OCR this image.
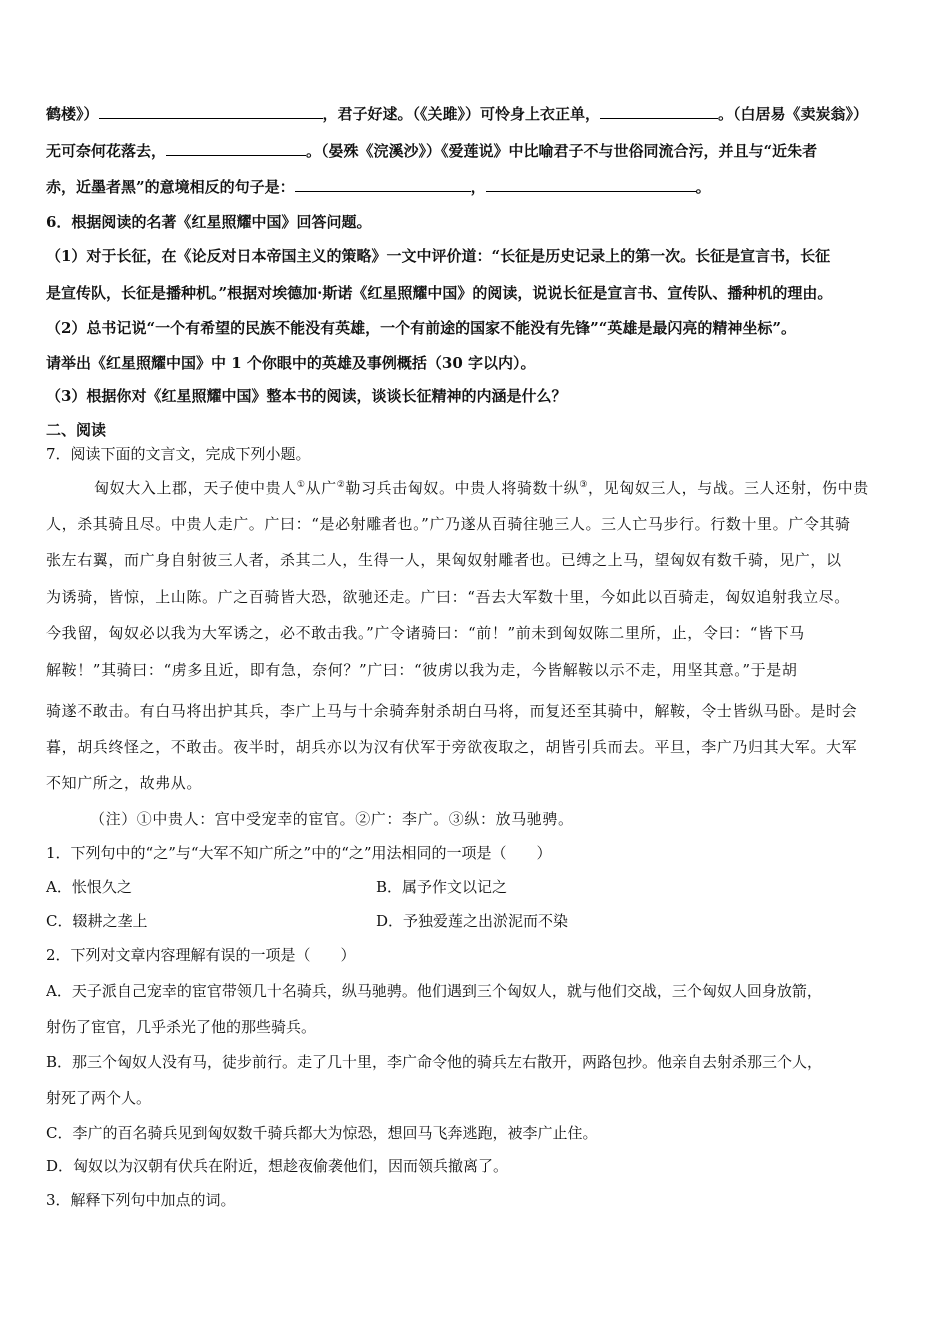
鹤楼》）	，君子好逑。（《关雎》）可怜身上衣正单，	。（白居易《卖炭翁》）
无可奈何花落去，	。（晏殊《浣溪沙》）《爱莲说》中比喻君子不与世俗同流合污，并且与“近朱者
赤，近墨者黑”的意境相反的句子是：	，	。
6．根据阅读的名著《红星照耀中国》回答问题。
（1）对于长征，在《论反对日本帝国主义的策略》一文中评价道：“长征是历史记录上的第一次。长征是宣言书，长征
是宣传队，长征是播种机。”根据对埃德加·斯诺《红星照耀中国》的阅读，说说长征是宣言书、宣传队、播种机的理由。
（2）总书记说“一个有希望的民族不能没有英雄，一个有前途的国家不能没有先锋”“英雄是最闪亮的精神坐标”。
请举出《红星照耀中国》中 1 个你眼中的英雄及事例概括（30 字以内）。
（3）根据你对《红星照耀中国》整本书的阅读，谈谈长征精神的内涵是什么？
二、阅读
7．阅读下面的文言文，完成下列小题。
匈奴大入上郡，天子使中贵人①从广②勒习兵击匈奴。中贵人将骑数十纵③，见匈奴三人，与战。三人还射，伤中贵
人，杀其骑且尽。中贵人走广。广曰：“是必射雕者也。”广乃遂从百骑往驰三人。三人亡马步行。行数十里。广令其骑
张左右翼，而广身自射彼三人者，杀其二人，生得一人，果匈奴射雕者也。已缚之上马，望匈奴有数千骑，见广，以
为诱骑，皆惊，上山陈。广之百骑皆大恐，欲驰还走。广曰：“吾去大军数十里，今如此以百骑走，匈奴追射我立尽。
今我留，匈奴必以我为大军诱之，必不敢击我。”广令诸骑曰：“前！”前未到匈奴陈二里所，止，令曰：“皆下马
解鞍！”其骑曰：“虏多且近，即有急，奈何？”广曰：“彼虏以我为走，今皆解鞍以示不走，用坚其意。”于是胡
骑遂不敢击。有白马将出护其兵，李广上马与十余骑奔射杀胡白马将，而复还至其骑中，解鞍，令士皆纵马卧。是时会
暮，胡兵终怪之，不敢击。夜半时，胡兵亦以为汉有伏军于旁欲夜取之，胡皆引兵而去。平旦，李广乃归其大军。大军
不知广所之，故弗从。
（注）①中贵人：宫中受宠幸的宦官。②广：李广。③纵：放马驰骋。
1．下列句中的“之”与“大军不知广所之”中的“之”用法相同的一项是（　　）
A．怅恨久之	B．属予作文以记之
C．辍耕之垄上	D．予独爱莲之出淤泥而不染
2．下列对文章内容理解有误的一项是（　　）
A．天子派自己宠幸的宦官带领几十名骑兵，纵马驰骋。他们遇到三个匈奴人，就与他们交战，三个匈奴人回身放箭，
射伤了宦官，几乎杀光了他的那些骑兵。
B．那三个匈奴人没有马，徒步前行。走了几十里，李广命令他的骑兵左右散开，两路包抄。他亲自去射杀那三个人，
射死了两个人。
C．李广的百名骑兵见到匈奴数千骑兵都大为惊恐，想回马飞奔逃跑，被李广止住。
D．匈奴以为汉朝有伏兵在附近，想趁夜偷袭他们，因而领兵撤离了。
3．解释下列句中加点的词。
